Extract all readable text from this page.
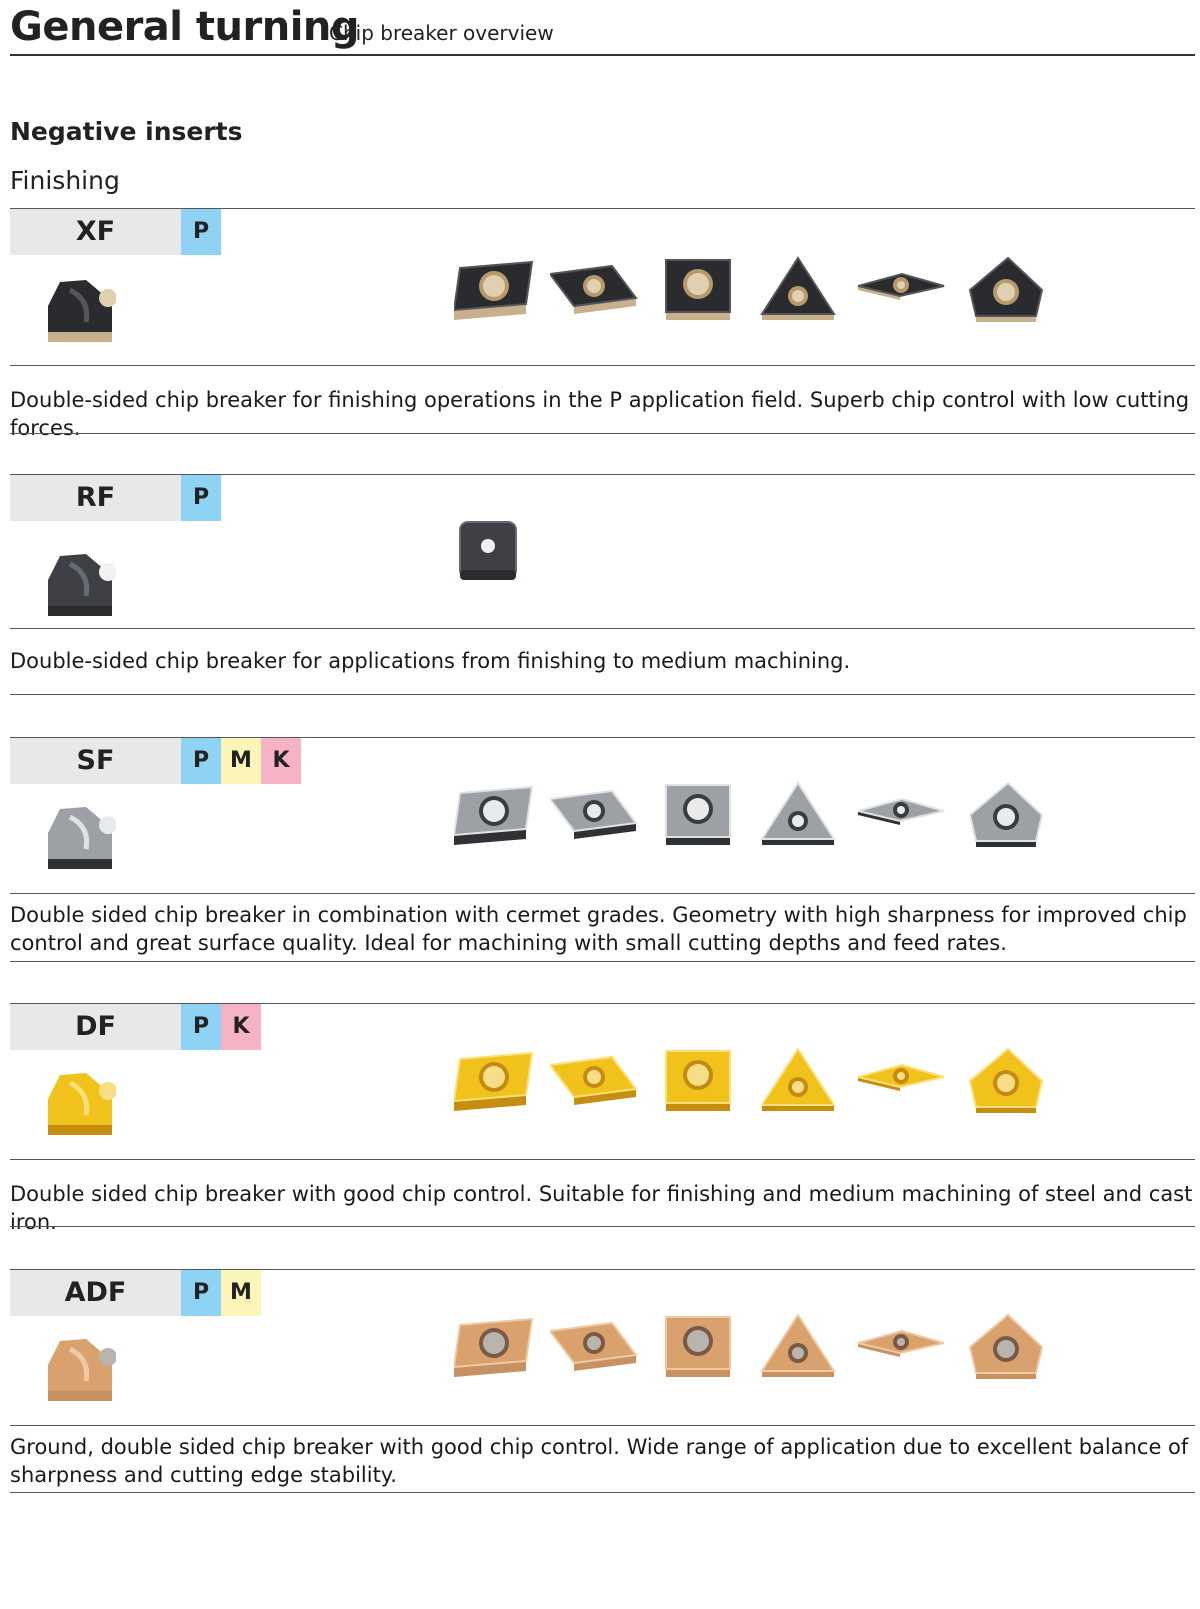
General turning
Chip breaker overview
Negative inserts
Finishing
XF	P
Double-sided chip breaker for finishing operations in the P application field. Superb chip control with low cutting forces.
RF	P
Double-sided chip breaker for applications from finishing to medium machining.
SF	P M K
Double sided chip breaker in combination with cermet grades. Geometry with high sharpness for improved chip control and great surface quality. Ideal for machining with small cutting depths and feed rates.
DF	P	K
Double sided chip breaker with good chip control. Suitable for finishing and medium machining of steel and cast iron.
ADF	P M
Ground, double sided chip breaker with good chip control. Wide range of application due to excellent balance of sharpness and cutting edge stability.
